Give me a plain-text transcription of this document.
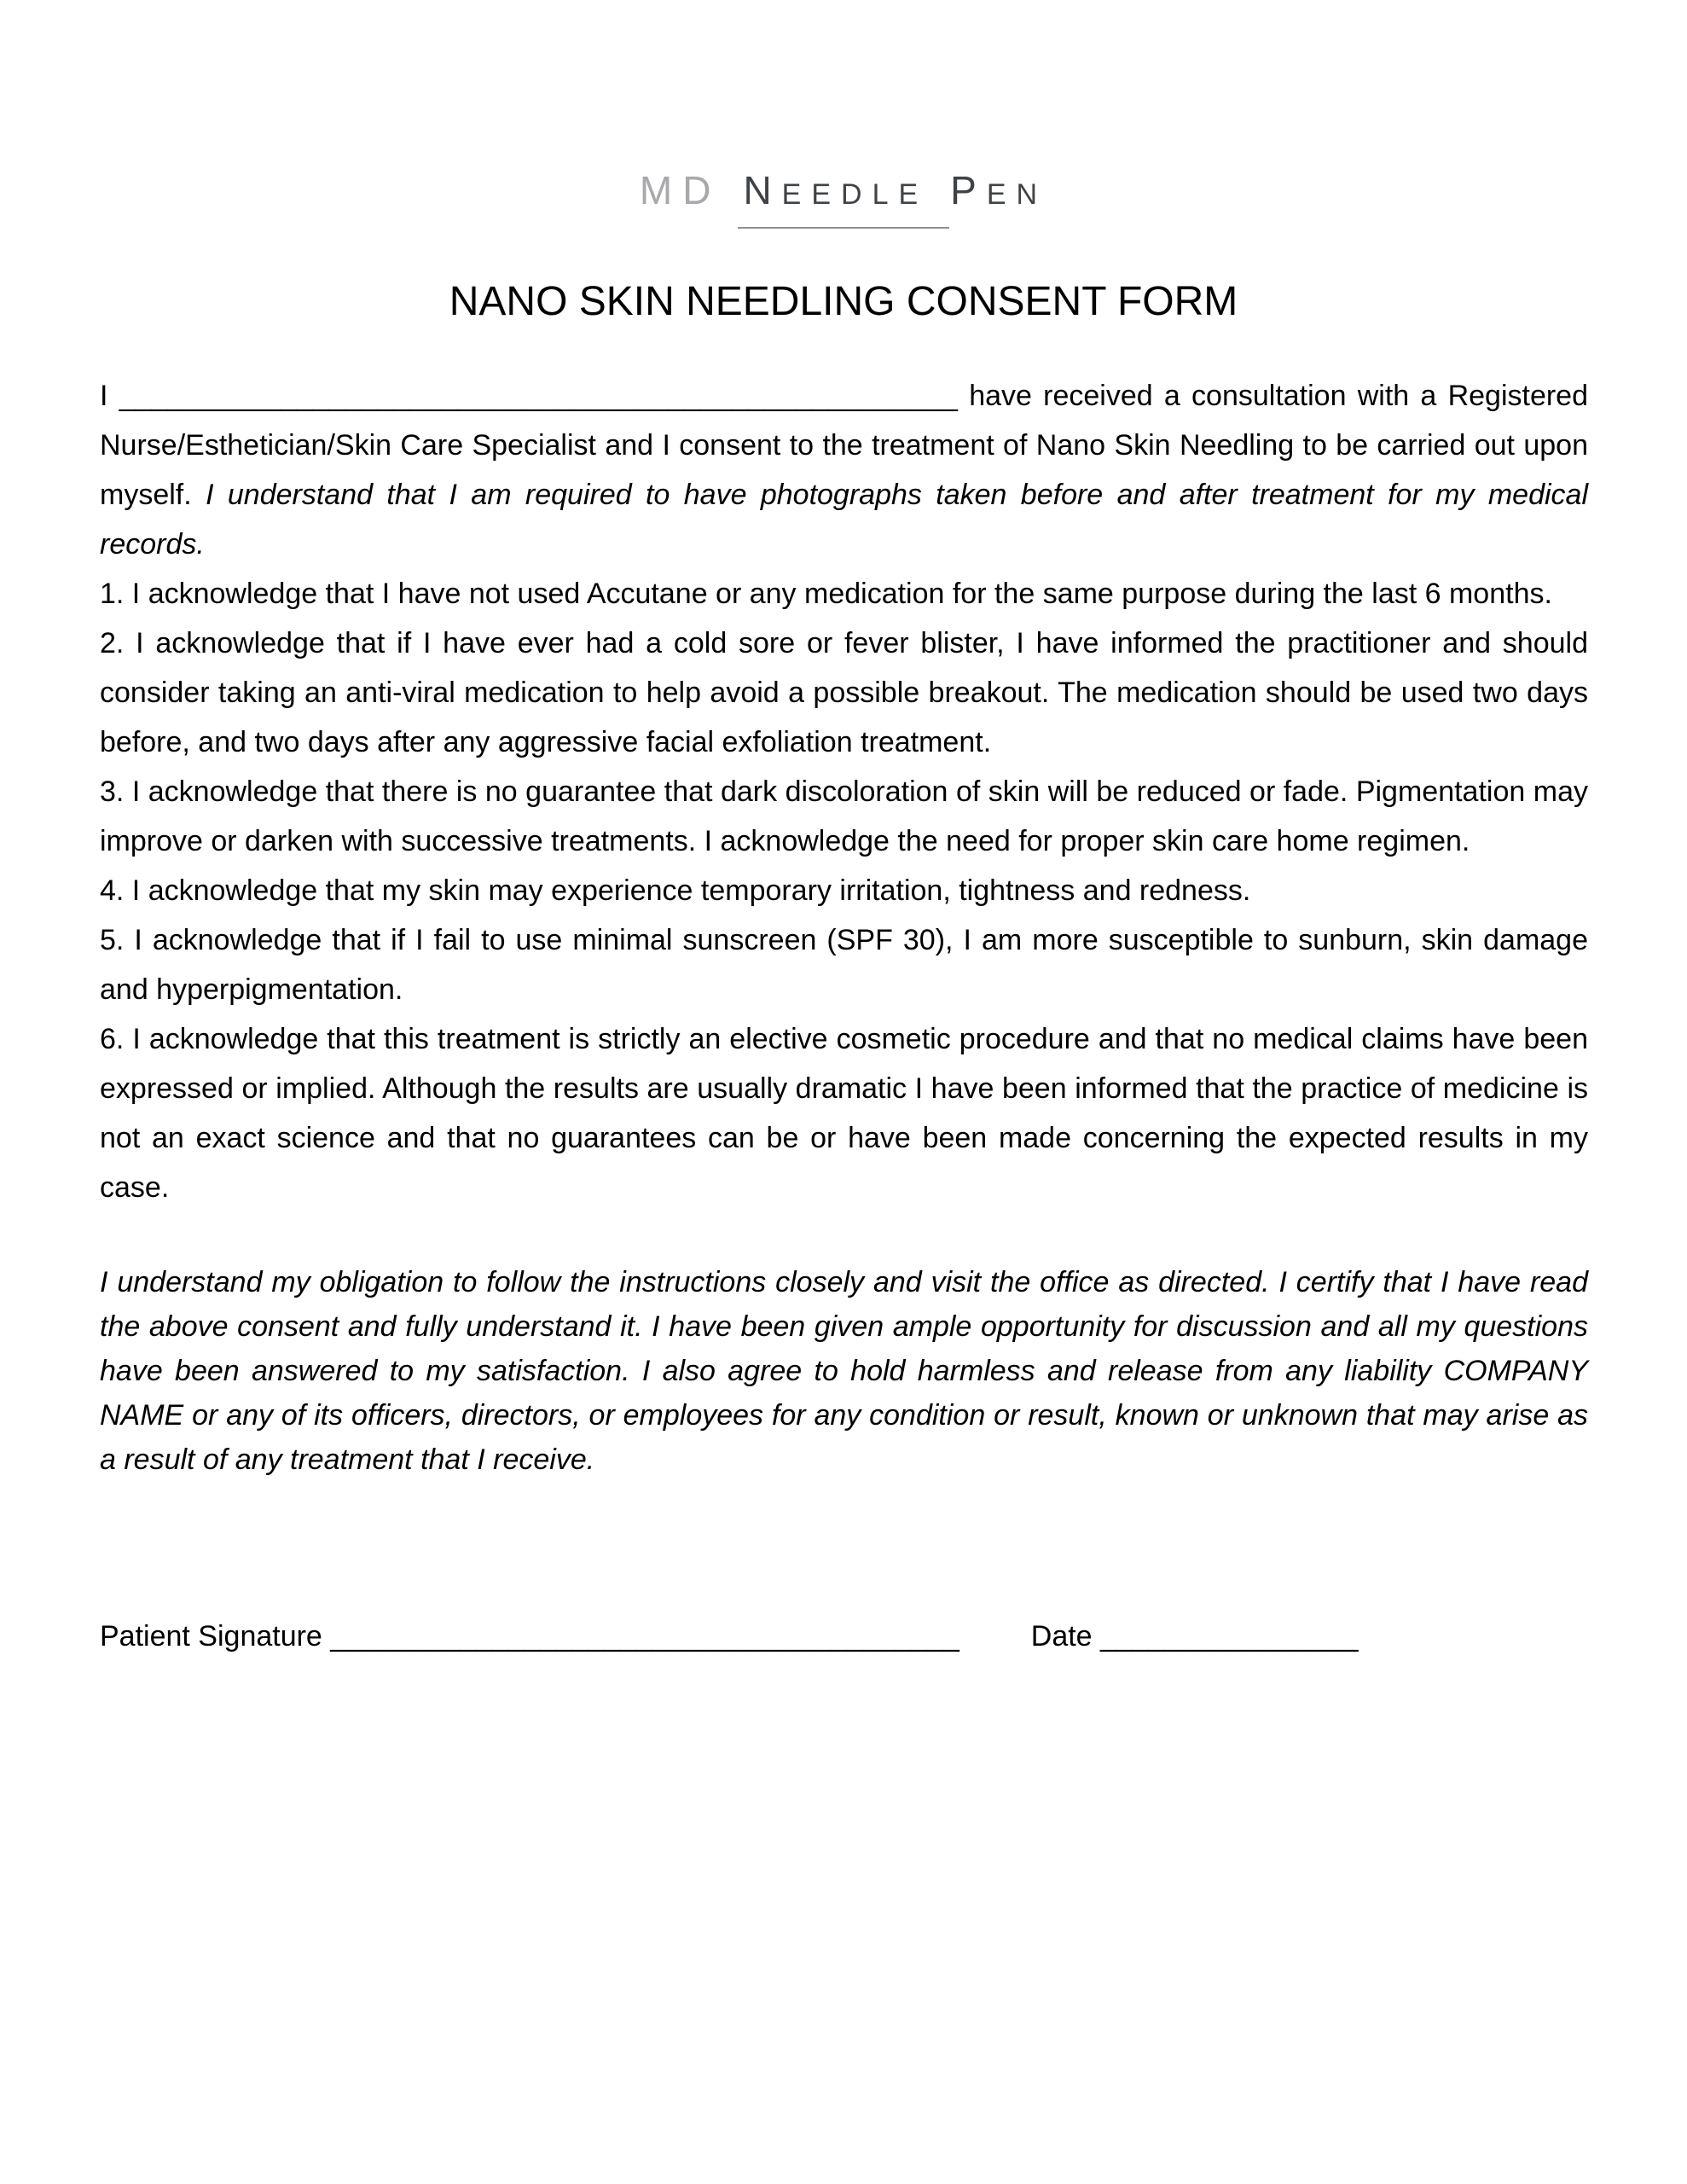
MD NEEDLE PEN
NANO SKIN NEEDLING CONSENT FORM

I ____________________________________________________ have received a consultation with a Registered Nurse/Esthetician/Skin Care Specialist and I consent to the treatment of Nano Skin Needling to be carried out upon myself. I understand that I am required to have photographs taken before and after treatment for my medical records.

1. I acknowledge that I have not used Accutane or any medication for the same purpose during the last 6 months.

2. I acknowledge that if I have ever had a cold sore or fever blister, I have informed the practitioner and should consider taking an anti-viral medication to help avoid a possible breakout. The medication should be used two days before, and two days after any aggressive facial exfoliation treatment.

3. I acknowledge that there is no guarantee that dark discoloration of skin will be reduced or fade. Pigmentation may improve or darken with successive treatments. I acknowledge the need for proper skin care home regimen.

4. I acknowledge that my skin may experience temporary irritation, tightness and redness.

5. I acknowledge that if I fail to use minimal sunscreen (SPF 30), I am more susceptible to sunburn, skin damage and hyperpigmentation.

6. I acknowledge that this treatment is strictly an elective cosmetic procedure and that no medical claims have been expressed or implied. Although the results are usually dramatic I have been informed that the practice of medicine is not an exact science and that no guarantees can be or have been made concerning the expected results in my case.

I understand my obligation to follow the instructions closely and visit the office as directed. I certify that I have read the above consent and fully understand it. I have been given ample opportunity for discussion and all my questions have been answered to my satisfaction. I also agree to hold harmless and release from any liability COMPANY NAME or any of its officers, directors, or employees for any condition or result, known or unknown that may arise as a result of any treatment that I receive.

Patient Signature _______________________________________ Date ________________
